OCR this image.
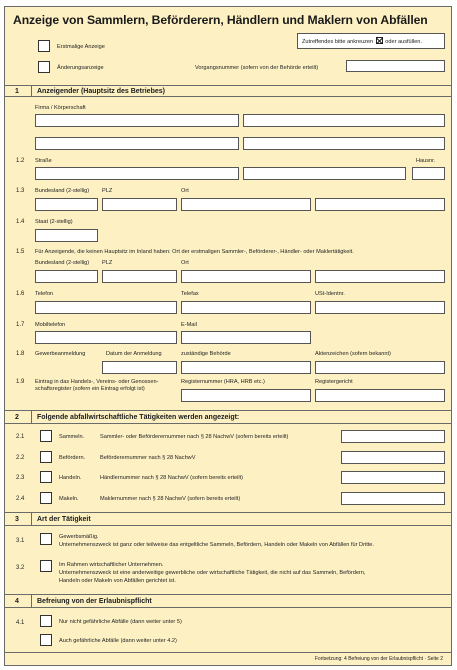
Anzeige von Sammlern, Beförderern, Händlern und Maklern von Abfällen
Zutreffendes bitte ankreuzen oder ausfüllen.
Erstmalige Anzeige
Änderungsanzeige	Vorgangsnummer (sofern von der Behörde erteilt)
1	Anzeigender (Hauptsitz des Betriebes)
Firma / Körperschaft
1.2 Straße	Hausnr.
1.3 Bundesland (2-stellig) PLZ	Ort
1.4 Staat (2-stellig)
1.5 Für Anzeigende, die keinen Hauptsitz im Inland haben: Ort der erstmaligen Sammler-, Beförderer-, Händler- oder Maklertätigkeit.
Bundesland (2-stellig) PLZ	Ort
1.6 Telefon	Telefax	USt-Identnr.
1.7 Mobiltelefon	E-Mail
1.8 Gewerbeanmeldung	Datum der Anmeldung	zuständige Behörde	Aktenzeichen (sofern bekannt)
1.9 Eintrag in das Handels-, Vereins- oder Genossen-
schaftsregister (sofern ein Eintrag erfolgt ist)
Registernummer (HRA, HRB etc.)	Registergericht
2	Folgende abfallwirtschaftliche Tätigkeiten werden angezeigt:
2.1	Sammeln.	Sammler- oder Beförderernummer nach § 28 NachwV (sofern bereits erteilt)
2.2	Befördern.	Beförderernummer nach § 28 NachwV
2.3	Handeln.	Händlernummer nach § 28 NachwV (sofern bereits erteilt)
2.4	Makeln.	Maklernummer nach § 28 NachwV (sofern bereits erteilt)
3	Art der Tätigkeit
3.1
Gewerbsmäßig.
Unternehmenszweck ist ganz oder teilweise das entgeltliche Sammeln, Befördern, Handeln oder Makeln von Abfällen für Dritte.
3.2	Im Rahmen wirtschaftlicher Unternehmen.
Unternehmenszweck ist eine anderweitige gewerbliche oder wirtschaftliche Tätigkeit, die nicht auf das Sammeln, Befördern,
Handeln oder Makeln von Abfällen gerichtet ist.
4	Befreiung von der Erlaubnispflicht
4.1	Nur nicht gefährliche Abfälle (dann weiter unter 5)
Auch gefährliche Abfälle (dann weiter unter 4.2)
Fortsetzung: 4 Befreiung von der Erlaubnispflicht · Seite 2
